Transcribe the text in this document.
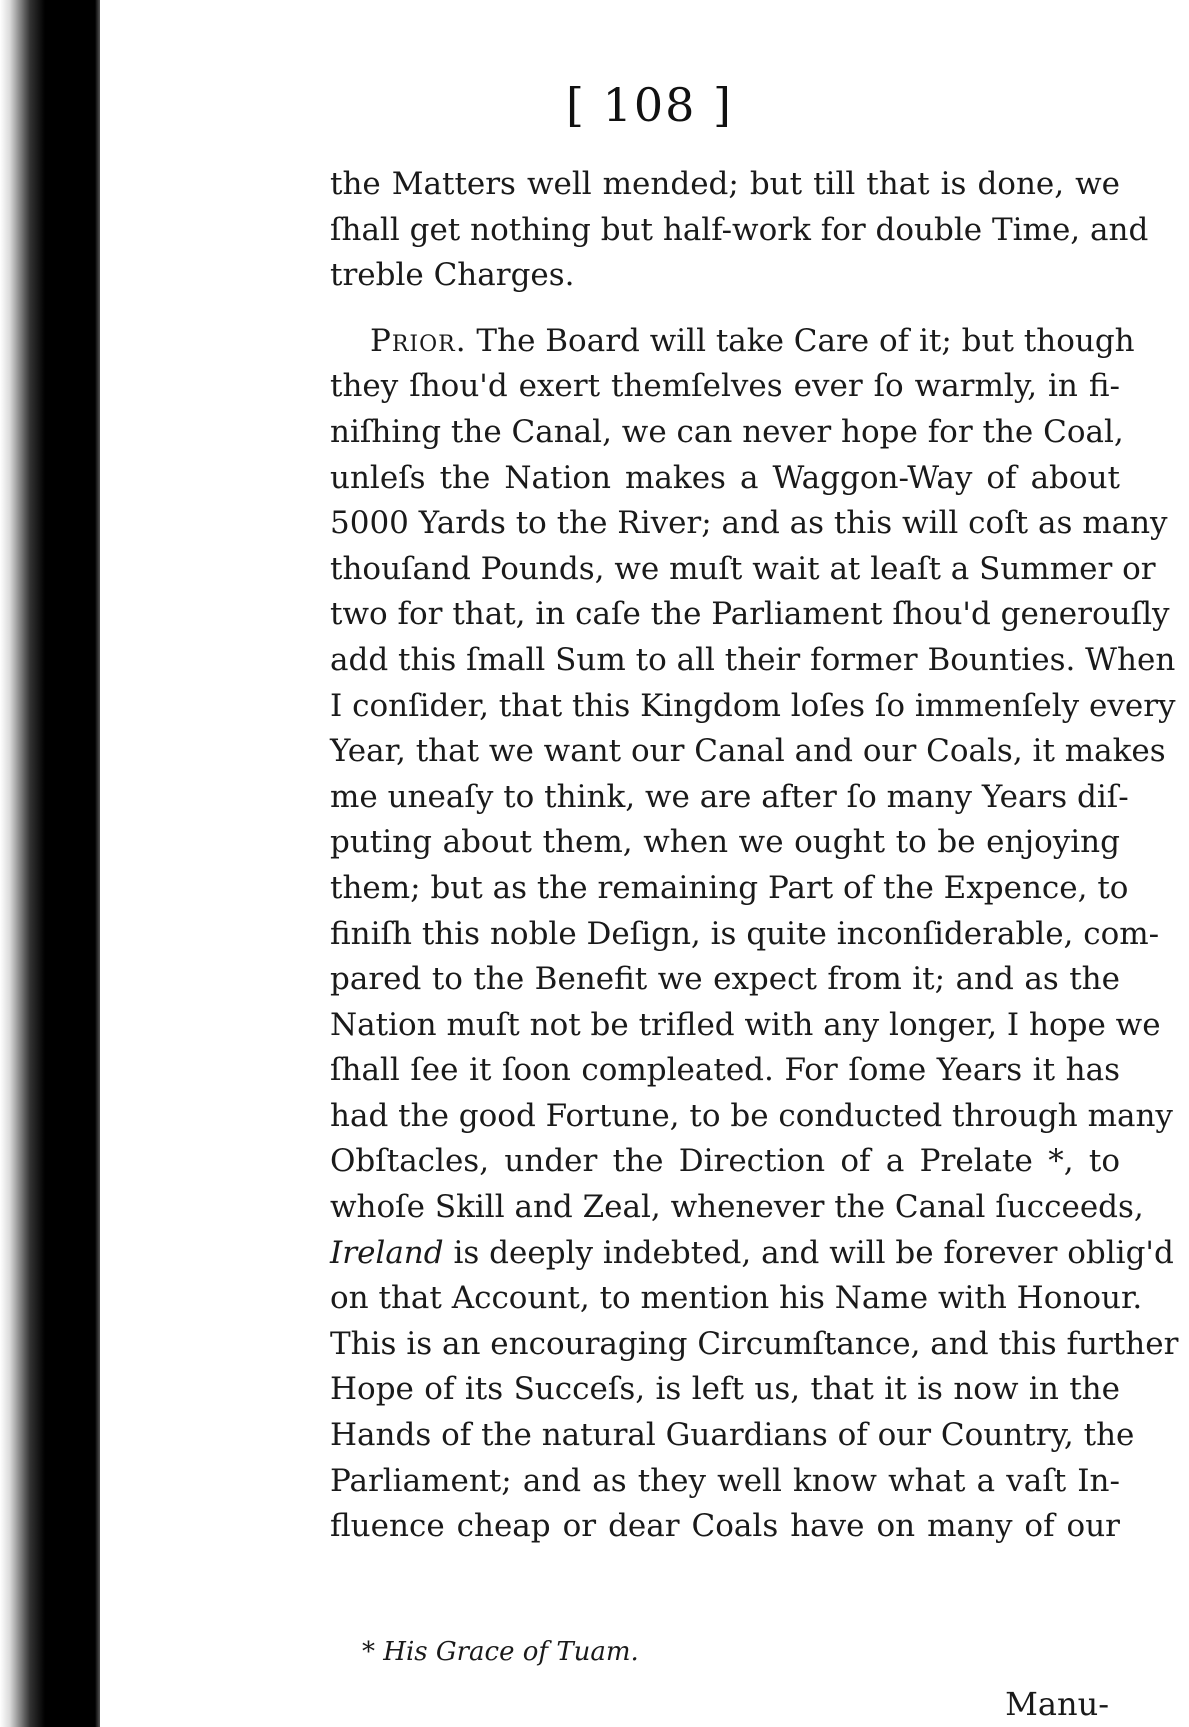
[ 108 ]
the Matters well mended; but till that is done, we
ſhall get nothing but half-work for double Time, and
treble Charges.
Prior. The Board will take Care of it; but though
they ſhou'd exert themſelves ever ſo warmly, in fi-
niſhing the Canal, we can never hope for the Coal,
unleſs the Nation makes a Waggon-Way of about
5000 Yards to the River; and as this will coſt as many
thouſand Pounds, we muſt wait at leaſt a Summer or
two for that, in caſe the Parliament ſhou'd generouſly
add this ſmall Sum to all their former Bounties. When
I conſider, that this Kingdom loſes ſo immenſely every
Year, that we want our Canal and our Coals, it makes
me uneaſy to think, we are after ſo many Years diſ-
puting about them, when we ought to be enjoying
them; but as the remaining Part of the Expence, to
finiſh this noble Deſign, is quite inconſiderable, com-
pared to the Benefit we expect from it; and as the
Nation muſt not be trifled with any longer, I hope we
ſhall ſee it ſoon compleated. For ſome Years it has
had the good Fortune, to be conducted through many
Obſtacles, under the Direction of a Prelate *, to
whoſe Skill and Zeal, whenever the Canal ſucceeds,
Ireland is deeply indebted, and will be forever oblig'd
on that Account, to mention his Name with Honour.
This is an encouraging Circumſtance, and this further
Hope of its Succeſs, is left us, that it is now in the
Hands of the natural Guardians of our Country, the
Parliament; and as they well know what a vaſt In-
fluence cheap or dear Coals have on many of our
* His Grace of Tuam.
Manu-
